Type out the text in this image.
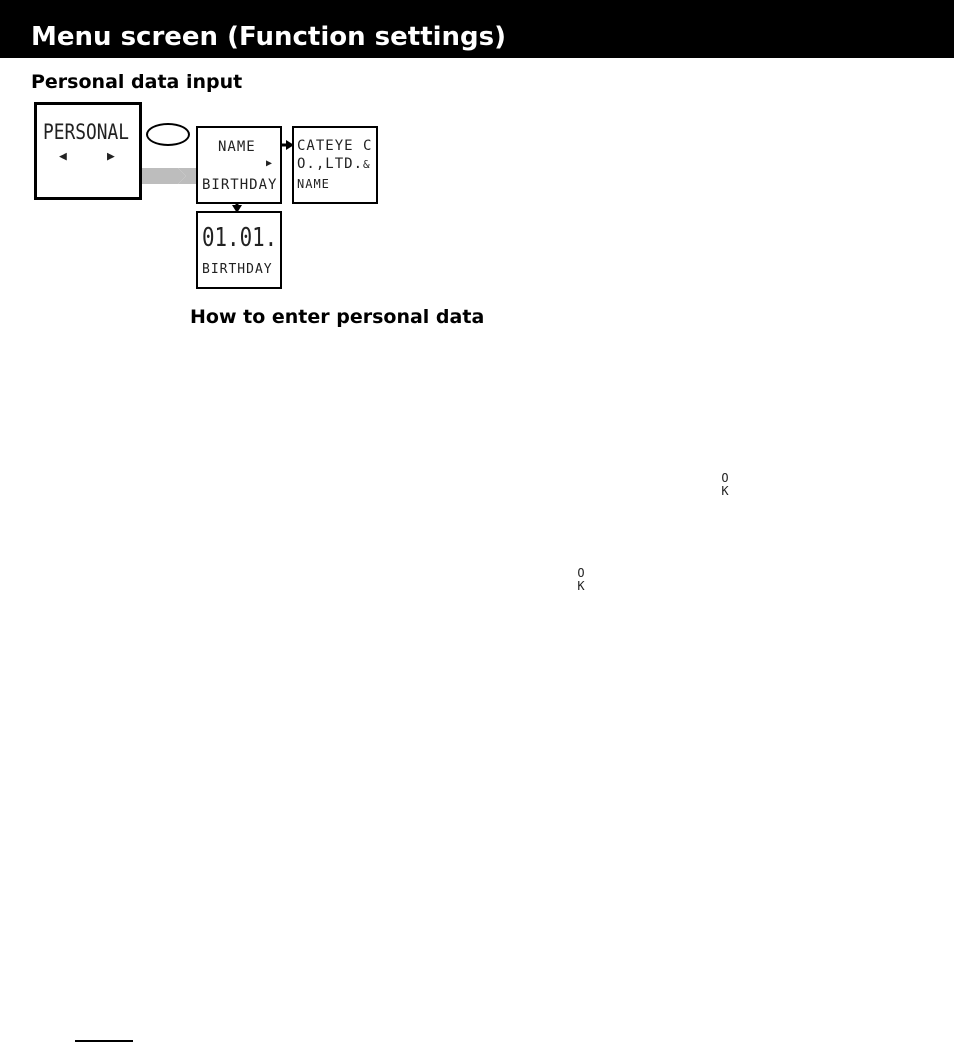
Menu screen (Function settings)
Personal data input
PERSONAL
◀	▶
NAME
▶
BIRTHDAY
CATEYE C
O.,LTD.&
NAME
01.01.
BIRTHDAY
How to enter personal data
O
K
O
K
